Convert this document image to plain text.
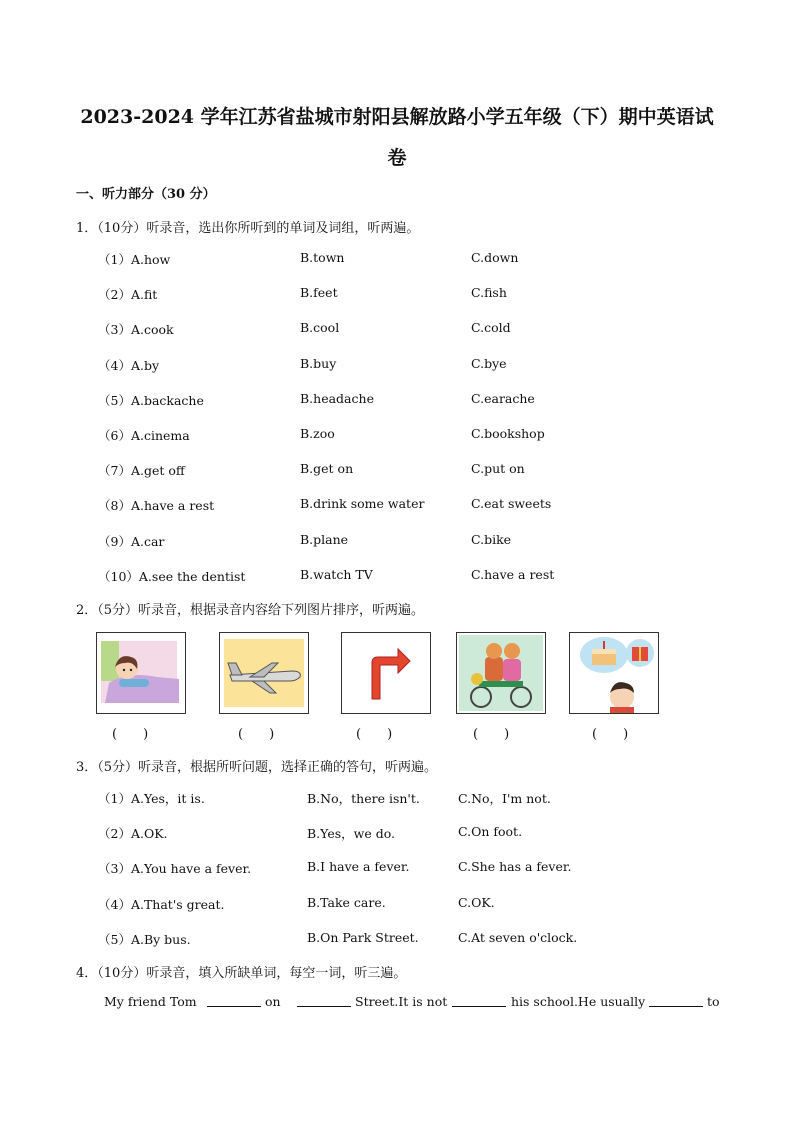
2023-2024 学年江苏省盐城市射阳县解放路小学五年级（下）期中英语试
卷
一、听力部分（30 分）
1．（10分）听录音，选出你所听到的单词及词组，听两遍。
（1）A.how	B.town	C.down
（2）A.fit	B.feet	C.fish
（3）A.cook	B.cool	C.cold
（4）A.by	B.buy	C.bye
（5）A.backache	B.headache	C.earache
（6）A.cinema	B.zoo	C.bookshop
（7）A.get off	B.get on	C.put on
（8）A.have a rest	B.drink some water	C.eat sweets
（9）A.car	B.plane	C.bike
（10）A.see the dentist	B.watch TV	C.have a rest
2．（5分）听录音，根据录音内容给下列图片排序，听两遍。
(　　)	(　　)	(　　)	(　　)	(　　)
3．（5分）听录音，根据所听问题，选择正确的答句，听两遍。
（1）A.Yes，it is.	B.No，there isn't.	C.No，I'm not.
（2）A.OK.	B.Yes，we do.	C.On foot.
（3）A.You have a fever.	B.I have a fever.	C.She has a fever.
（4）A.That's great.	B.Take care.	C.OK.
（5）A.By bus.	B.On Park Street.	C.At seven o'clock.
4．（10分）听录音，填入所缺单词，每空一词，听三遍。
My friend Tom	on	Street.It is not	his school.He usually	to
